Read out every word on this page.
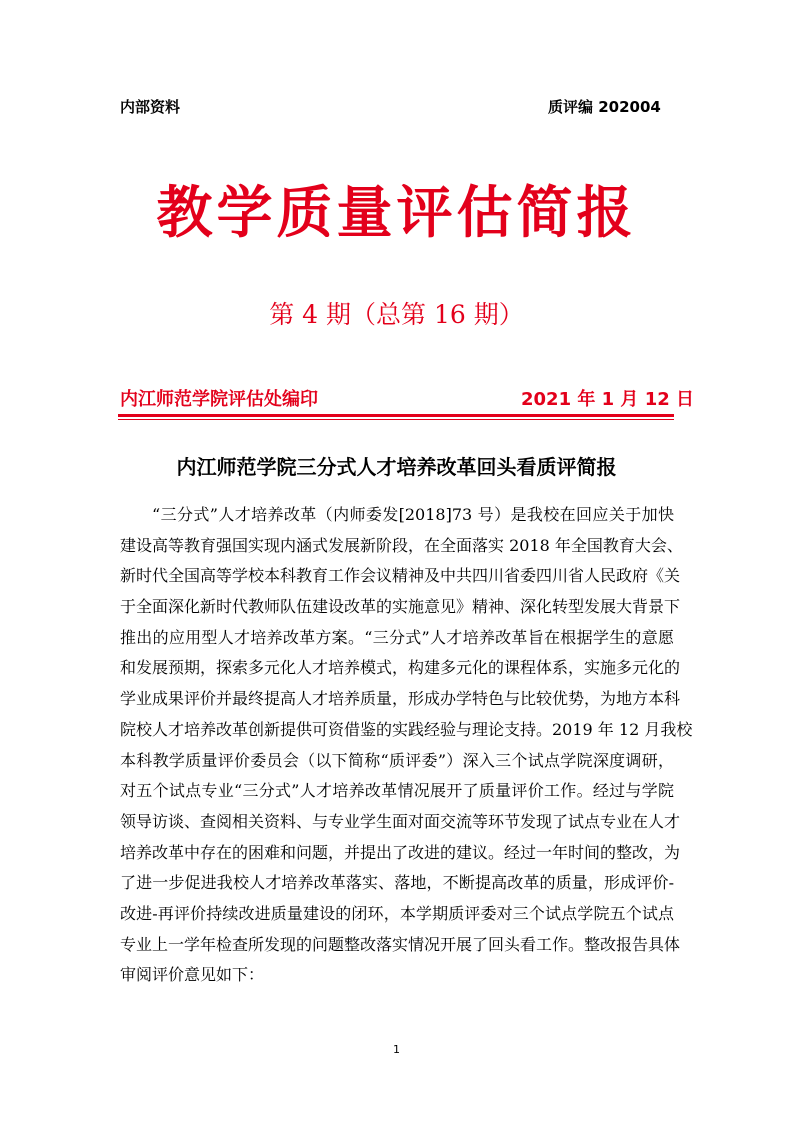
内部资料	质评编 202004
教学质量评估简报
第 4 期（总第 16 期）
内江师范学院评估处编印	2021 年 1 月 12 日
内江师范学院三分式人才培养改革回头看质评简报
“三分式”人才培养改革（内师委发[2018]73 号）是我校在回应关于加快
建设高等教育强国实现内涵式发展新阶段，在全面落实 2018 年全国教育大会、
新时代全国高等学校本科教育工作会议精神及中共四川省委四川省人民政府《关
于全面深化新时代教师队伍建设改革的实施意见》精神、深化转型发展大背景下
推出的应用型人才培养改革方案。“三分式”人才培养改革旨在根据学生的意愿
和发展预期，探索多元化人才培养模式，构建多元化的课程体系，实施多元化的
学业成果评价并最终提高人才培养质量，形成办学特色与比较优势，为地方本科
院校人才培养改革创新提供可资借鉴的实践经验与理论支持。2019 年 12 月我校
本科教学质量评价委员会（以下简称“质评委”）深入三个试点学院深度调研，
对五个试点专业“三分式”人才培养改革情况展开了质量评价工作。经过与学院
领导访谈、查阅相关资料、与专业学生面对面交流等环节发现了试点专业在人才
培养改革中存在的困难和问题，并提出了改进的建议。经过一年时间的整改，为
了进一步促进我校人才培养改革落实、落地，不断提高改革的质量，形成评价-
改进-再评价持续改进质量建设的闭环，本学期质评委对三个试点学院五个试点
专业上一学年检查所发现的问题整改落实情况开展了回头看工作。整改报告具体
审阅评价意见如下：
1
